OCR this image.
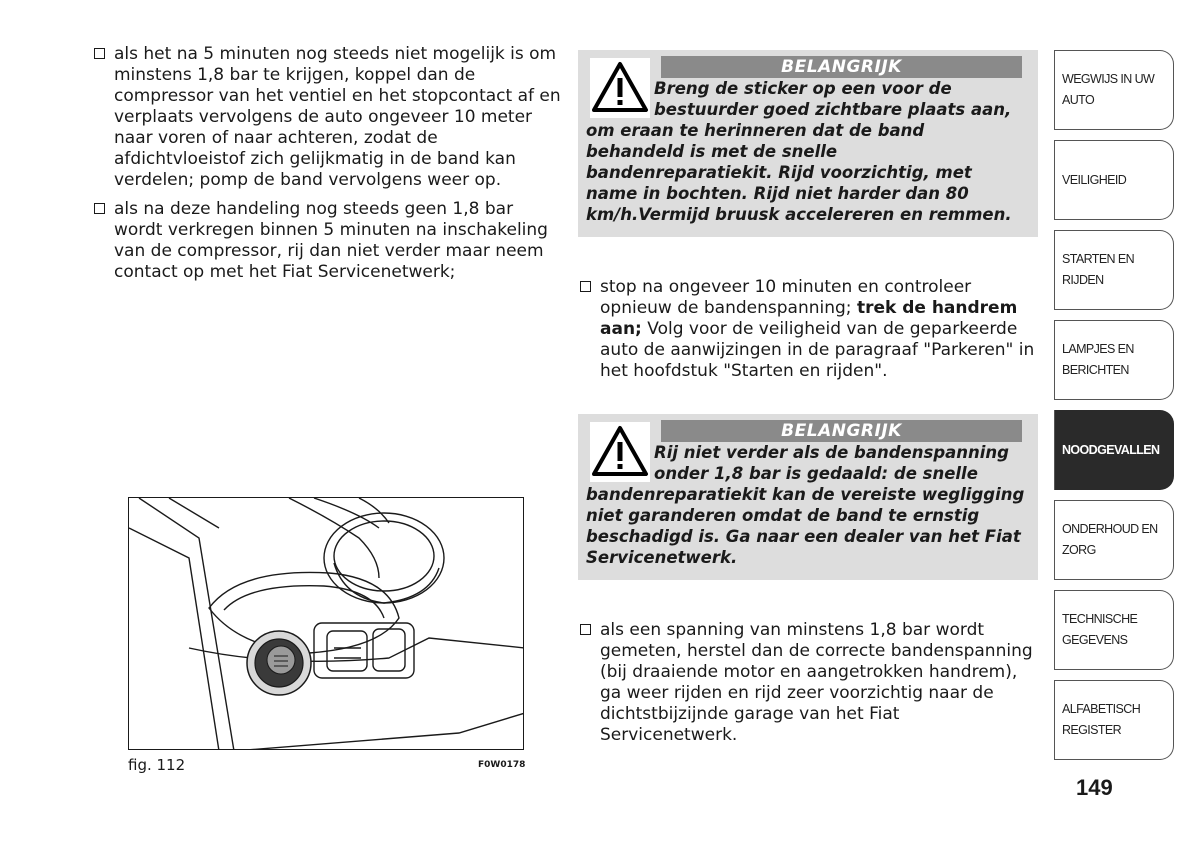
als het na 5 minuten nog steeds niet mogelijk is om minstens 1,8 bar te krijgen, koppel dan de compressor van het ventiel en het stopcontact af en verplaats vervolgens de auto ongeveer 10 meter naar voren of naar achteren, zodat de afdichtvloeistof zich gelijkmatig in de band kan verdelen; pomp de band vervolgens weer op.
als na deze handeling nog steeds geen 1,8 bar wordt verkregen binnen 5 minuten na inschakeling van de compressor, rij dan niet verder maar neem contact op met het Fiat Servicenetwerk;
fig. 112	F0W0178
BELANGRIJK
Breng de sticker op een voor de bestuurder goed zichtbare plaats aan,
om eraan te herinneren dat de band behandeld is met de snelle bandenreparatiekit. Rijd voorzichtig, met name in bochten. Rijd niet harder dan 80 km/h.Vermijd bruusk accelereren en remmen.
stop na ongeveer 10 minuten en controleer opnieuw de bandenspanning; trek de handrem aan; Volg voor de veiligheid van de geparkeerde auto de aanwijzingen in de paragraaf "Parkeren" in het hoofdstuk "Starten en rijden".
BELANGRIJK
Rij niet verder als de bandenspanning onder 1,8 bar is gedaald: de snelle
bandenreparatiekit kan de vereiste wegligging niet garanderen omdat de band te ernstig beschadigd is. Ga naar een dealer van het Fiat Servicenetwerk.
als een spanning van minstens 1,8 bar wordt gemeten, herstel dan de correcte bandenspanning (bij draaiende motor en aangetrokken handrem), ga weer rijden en rijd zeer voorzichtig naar de dichtstbijzijnde garage van het Fiat Servicenetwerk.
WEGWIJS IN UW
AUTO
VEILIGHEID
STARTEN EN RIJDEN
LAMPJES EN
BERICHTEN
NOODGEVALLEN
ONDERHOUD EN
ZORG
TECHNISCHE
GEGEVENS
ALFABETISCH
REGISTER
149
